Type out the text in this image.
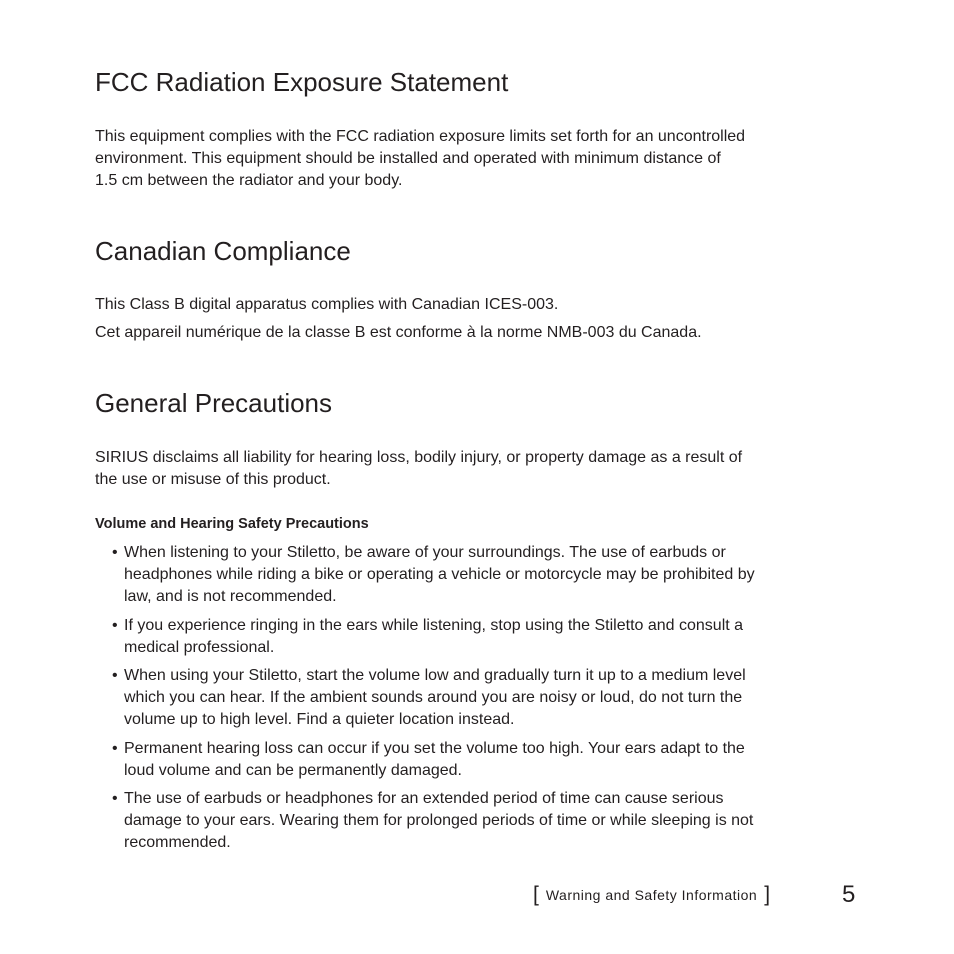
FCC Radiation Exposure Statement
This equipment complies with the FCC radiation exposure limits set forth for an uncontrolled
environment. This equipment should be installed and operated with minimum distance of
1.5 cm between the radiator and your body.
Canadian Compliance
This Class B digital apparatus complies with Canadian ICES-003.
Cet appareil numérique de la classe B est conforme à la norme NMB-003 du Canada.
General Precautions
SIRIUS disclaims all liability for hearing loss, bodily injury, or property damage as a result of
the use or misuse of this product.
Volume and Hearing Safety Precautions
• When listening to your Stiletto, be aware of your surroundings. The use of earbuds or
headphones while riding a bike or operating a vehicle or motorcycle may be prohibited by
law, and is not recommended.
• If you experience ringing in the ears while listening, stop using the Stiletto and consult a
medical professional.
• When using your Stiletto, start the volume low and gradually turn it up to a medium level
which you can hear. If the ambient sounds around you are noisy or loud, do not turn the
volume up to high level. Find a quieter location instead.
• Permanent hearing loss can occur if you set the volume too high. Your ears adapt to the
loud volume and can be permanently damaged.
• The use of earbuds or headphones for an extended period of time can cause serious
damage to your ears. Wearing them for prolonged periods of time or while sleeping is not
recommended.
[ Warning and Safety Information ]	5
